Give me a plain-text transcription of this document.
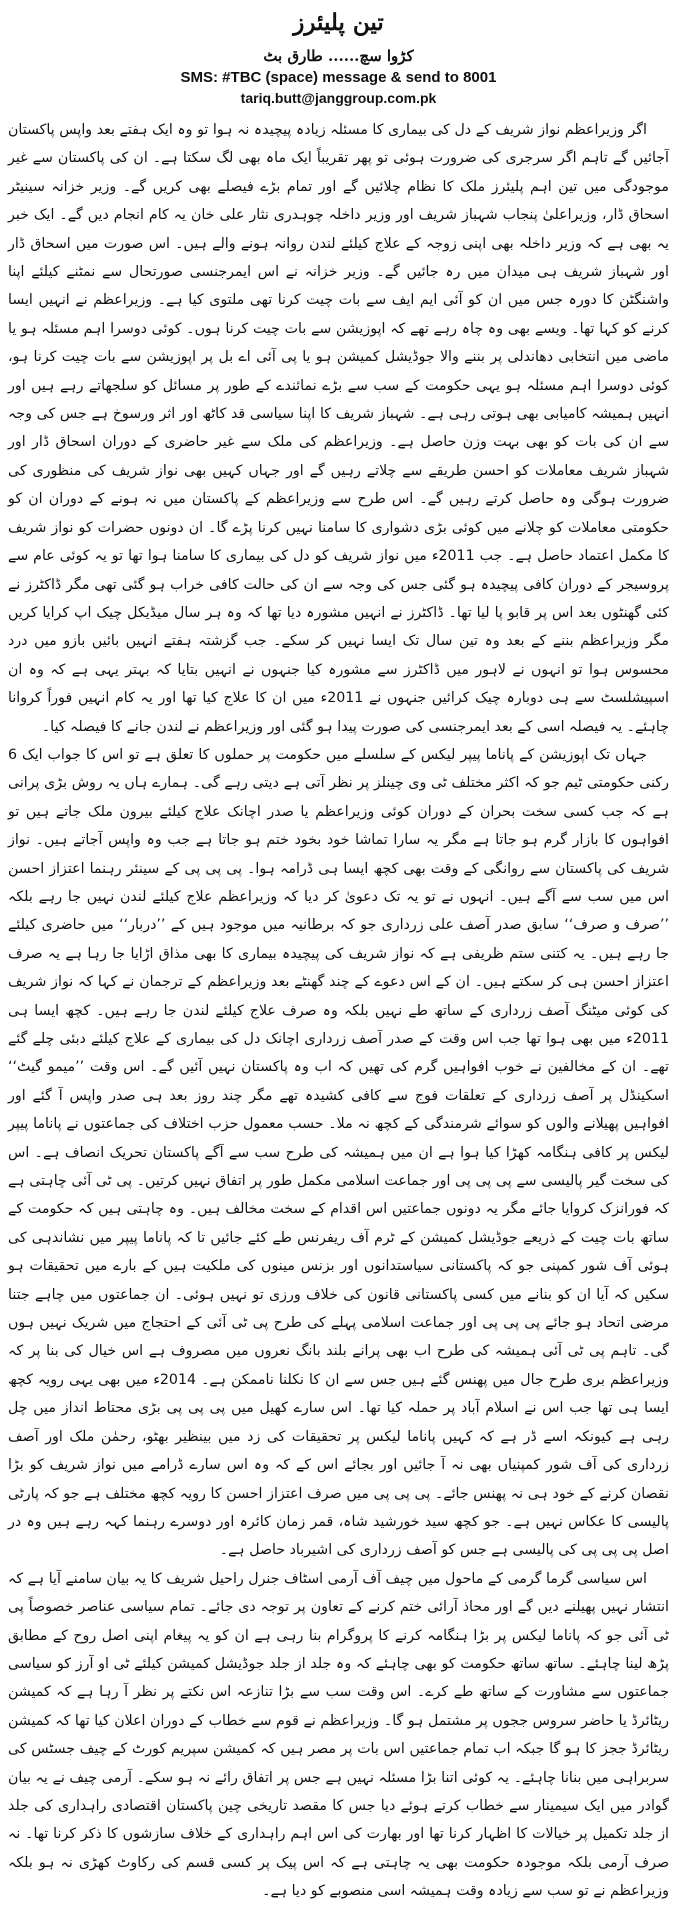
تین پلیئرز
کڑوا سچ...... طارق بٹ
SMS: #TBC (space) message & send to 8001
tariq.butt@janggroup.com.pk

اگر وزیراعظم نواز شریف کے دل کی بیماری کا مسئلہ زیادہ پیچیدہ نہ ہوا تو وہ ایک ہفتے بعد واپس پاکستان آجائیں گے تاہم اگر سرجری کی ضرورت ہوئی تو پھر تقریباً ایک ماہ بھی لگ سکتا ہے۔ ان کی پاکستان سے غیر موجودگی میں تین اہم پلیئرز ملک کا نظام چلائیں گے اور تمام بڑے فیصلے بھی کریں گے۔ وزیر خزانہ سینیٹر اسحاق ڈار، وزیراعلیٰ پنجاب شہباز شریف اور وزیر داخلہ چوہدری نثار علی خان یہ کام انجام دیں گے۔ ایک خبر یہ بھی ہے کہ وزیر داخلہ بھی اپنی زوجہ کے علاج کیلئے لندن روانہ ہونے والے ہیں۔ اس صورت میں اسحاق ڈار اور شہباز شریف ہی میدان میں رہ جائیں گے۔ وزیر خزانہ نے اس ایمرجنسی صورتحال سے نمٹنے کیلئے اپنا واشنگٹن کا دورہ جس میں ان کو آئی ایم ایف سے بات چیت کرنا تھی ملتوی کیا ہے۔ وزیراعظم نے انہیں ایسا کرنے کو کہا تھا۔ ویسے بھی وہ چاہ رہے تھے کہ اپوزیشن سے بات چیت کرنا ہوں۔ کوئی دوسرا اہم مسئلہ ہو یا ماضی میں انتخابی دھاندلی پر بننے والا جوڈیشل کمیشن ہو یا پی آئی اے بل پر اپوزیشن سے بات چیت کرنا ہو، کوئی دوسرا اہم مسئلہ ہو یہی حکومت کے سب سے بڑے نمائندے کے طور پر مسائل کو سلجھاتے رہے ہیں اور انہیں ہمیشہ کامیابی بھی ہوتی رہی ہے۔ شہباز شریف کا اپنا سیاسی قد کاٹھ اور اثر ورسوخ ہے جس کی وجہ سے ان کی بات کو بھی بہت وزن حاصل ہے۔ وزیراعظم کی ملک سے غیر حاضری کے دوران اسحاق ڈار اور شہباز شریف معاملات کو احسن طریقے سے چلاتے رہیں گے اور جہاں کہیں بھی نواز شریف کی منظوری کی ضرورت ہوگی وہ حاصل کرتے رہیں گے۔ اس طرح سے وزیراعظم کے پاکستان میں نہ ہونے کے دوران ان کو حکومتی معاملات کو چلانے میں کوئی بڑی دشواری کا سامنا نہیں کرنا پڑے گا۔ ان دونوں حضرات کو نواز شریف کا مکمل اعتماد حاصل ہے۔ جب 2011ء میں نواز شریف کو دل کی بیماری کا سامنا ہوا تھا تو یہ کوئی عام سے پروسیجر کے دوران کافی پیچیدہ ہو گئی جس کی وجہ سے ان کی حالت کافی خراب ہو گئی تھی مگر ڈاکٹرز نے کئی گھنٹوں بعد اس پر قابو پا لیا تھا۔ ڈاکٹرز نے انہیں مشورہ دیا تھا کہ وہ ہر سال میڈیکل چیک اپ کرایا کریں مگر وزیراعظم بننے کے بعد وہ تین سال تک ایسا نہیں کر سکے۔ جب گزشتہ ہفتے انہیں بائیں بازو میں درد محسوس ہوا تو انہوں نے لاہور میں ڈاکٹرز سے مشورہ کیا جنہوں نے انہیں بتایا کہ بہتر یہی ہے کہ وہ ان اسپیشلسٹ سے ہی دوبارہ چیک کرائیں جنہوں نے 2011ء میں ان کا علاج کیا تھا اور یہ کام انہیں فوراً کروانا چاہئے۔ یہ فیصلہ اسی کے بعد ایمرجنسی کی صورت پیدا ہو گئی اور وزیراعظم نے لندن جانے کا فیصلہ کیا۔

جہاں تک اپوزیشن کے پاناما پیپر لیکس کے سلسلے میں حکومت پر حملوں کا تعلق ہے تو اس کا جواب ایک 6 رکنی حکومتی ٹیم جو کہ اکثر مختلف ٹی وی چینلز پر نظر آتی ہے دیتی رہے گی۔ ہمارے ہاں یہ روش بڑی پرانی ہے کہ جب کسی سخت بحران کے دوران کوئی وزیراعظم یا صدر اچانک علاج کیلئے بیرون ملک جاتے ہیں تو افواہوں کا بازار گرم ہو جاتا ہے مگر یہ سارا تماشا خود بخود ختم ہو جاتا ہے جب وہ واپس آجاتے ہیں۔ نواز شریف کی پاکستان سے روانگی کے وقت بھی کچھ ایسا ہی ڈرامہ ہوا۔ پی پی پی کے سینئر رہنما اعتزاز احسن اس میں سب سے آگے ہیں۔ انہوں نے تو یہ تک دعویٰ کر دیا کہ وزیراعظم علاج کیلئے لندن نہیں جا رہے بلکہ ’’صرف و صرف‘‘ سابق صدر آصف علی زرداری جو کہ برطانیہ میں موجود ہیں کے ’’دربار‘‘ میں حاضری کیلئے جا رہے ہیں۔ یہ کتنی ستم ظریفی ہے کہ نواز شریف کی پیچیدہ بیماری کا بھی مذاق اڑایا جا رہا ہے یہ صرف اعتزاز احسن ہی کر سکتے ہیں۔ ان کے اس دعوے کے چند گھنٹے بعد وزیراعظم کے ترجمان نے کہا کہ نواز شریف کی کوئی میٹنگ آصف زرداری کے ساتھ طے نہیں بلکہ وہ صرف علاج کیلئے لندن جا رہے ہیں۔ کچھ ایسا ہی 2011ء میں بھی ہوا تھا جب اس وقت کے صدر آصف زرداری اچانک دل کی بیماری کے علاج کیلئے دبئی چلے گئے تھے۔ ان کے مخالفین نے خوب افواہیں گرم کی تھیں کہ اب وہ پاکستان نہیں آئیں گے۔ اس وقت ’’میمو گیٹ‘‘ اسکینڈل پر آصف زرداری کے تعلقات فوج سے کافی کشیدہ تھے مگر چند روز بعد ہی صدر واپس آ گئے اور افواہیں پھیلانے والوں کو سوائے شرمندگی کے کچھ نہ ملا۔ حسب معمول حزب اختلاف کی جماعتوں نے پاناما پیپر لیکس پر کافی ہنگامہ کھڑا کیا ہوا ہے ان میں ہمیشہ کی طرح سب سے آگے پاکستان تحریک انصاف ہے۔ اس کی سخت گیر پالیسی سے پی پی پی اور جماعت اسلامی مکمل طور پر اتفاق نہیں کرتیں۔ پی ٹی آئی چاہتی ہے کہ فورانزک کروایا جائے مگر یہ دونوں جماعتیں اس اقدام کے سخت مخالف ہیں۔ وہ چاہتی ہیں کہ حکومت کے ساتھ بات چیت کے ذریعے جوڈیشل کمیشن کے ٹرم آف ریفرنس طے کئے جائیں تا کہ پاناما پیپر میں نشاندہی کی ہوئی آف شور کمپنی جو کہ پاکستانی سیاستدانوں اور بزنس مینوں کی ملکیت ہیں کے بارے میں تحقیقات ہو سکیں کہ آیا ان کو بنانے میں کسی پاکستانی قانون کی خلاف ورزی تو نہیں ہوئی۔ ان جماعتوں میں چاہے جتنا مرضی اتحاد ہو جائے پی پی پی اور جماعت اسلامی پہلے کی طرح پی ٹی آئی کے احتجاج میں شریک نہیں ہوں گی۔ تاہم پی ٹی آئی ہمیشہ کی طرح اب بھی پرانے بلند بانگ نعروں میں مصروف ہے اس خیال کی بنا پر کہ وزیراعظم بری طرح جال میں پھنس گئے ہیں جس سے ان کا نکلنا ناممکن ہے۔ 2014ء میں بھی یہی رویہ کچھ ایسا ہی تھا جب اس نے اسلام آباد پر حملہ کیا تھا۔ اس سارے کھیل میں پی پی پی بڑی محتاط انداز میں چل رہی ہے کیونکہ اسے ڈر ہے کہ کہیں پاناما لیکس پر تحقیقات کی زد میں بینظیر بھٹو، رحمٰن ملک اور آصف زرداری کی آف شور کمپنیاں بھی نہ آ جائیں اور بجائے اس کے کہ وہ اس سارے ڈرامے میں نواز شریف کو بڑا نقصان کرنے کے خود ہی نہ پھنس جائے۔ پی پی پی میں صرف اعتزاز احسن کا رویہ کچھ مختلف ہے جو کہ پارٹی پالیسی کا عکاس نہیں ہے۔ جو کچھ سید خورشید شاہ، قمر زمان کائرہ اور دوسرے رہنما کہہ رہے ہیں وہ در اصل پی پی پی کی پالیسی ہے جس کو آصف زرداری کی اشیرباد حاصل ہے۔

اس سیاسی گرما گرمی کے ماحول میں چیف آف آرمی اسٹاف جنرل راحیل شریف کا یہ بیان سامنے آیا ہے کہ انتشار نہیں پھیلنے دیں گے اور محاذ آرائی ختم کرنے کے تعاون پر توجہ دی جائے۔ تمام سیاسی عناصر خصوصاً پی ٹی آئی جو کہ پاناما لیکس پر بڑا ہنگامہ کرنے کا پروگرام بنا رہی ہے ان کو یہ پیغام اپنی اصل روح کے مطابق پڑھ لینا چاہئے۔ ساتھ ساتھ حکومت کو بھی چاہئے کہ وہ جلد از جلد جوڈیشل کمیشن کیلئے ٹی او آرز کو سیاسی جماعتوں سے مشاورت کے ساتھ طے کرے۔ اس وقت سب سے بڑا تنازعہ اس نکتے پر نظر آ رہا ہے کہ کمیشن ریٹائرڈ یا حاضر سروس ججوں پر مشتمل ہو گا۔ وزیراعظم نے قوم سے خطاب کے دوران اعلان کیا تھا کہ کمیشن ریٹائرڈ ججز کا ہو گا جبکہ اب تمام جماعتیں اس بات پر مصر ہیں کہ کمیشن سپریم کورٹ کے چیف جسٹس کی سربراہی میں بنانا چاہئے۔ یہ کوئی اتنا بڑا مسئلہ نہیں ہے جس پر اتفاق رائے نہ ہو سکے۔ آرمی چیف نے یہ بیان گوادر میں ایک سیمینار سے خطاب کرتے ہوئے دیا جس کا مقصد تاریخی چین پاکستان اقتصادی راہداری کی جلد از جلد تکمیل پر خیالات کا اظہار کرنا تھا اور بھارت کی اس اہم راہداری کے خلاف سازشوں کا ذکر کرنا تھا۔ نہ صرف آرمی بلکہ موجودہ حکومت بھی یہ چاہتی ہے کہ اس پیک پر کسی قسم کی رکاوٹ کھڑی نہ ہو بلکہ وزیراعظم نے تو سب سے زیادہ وقت ہمیشہ اسی منصوبے کو دیا ہے۔
